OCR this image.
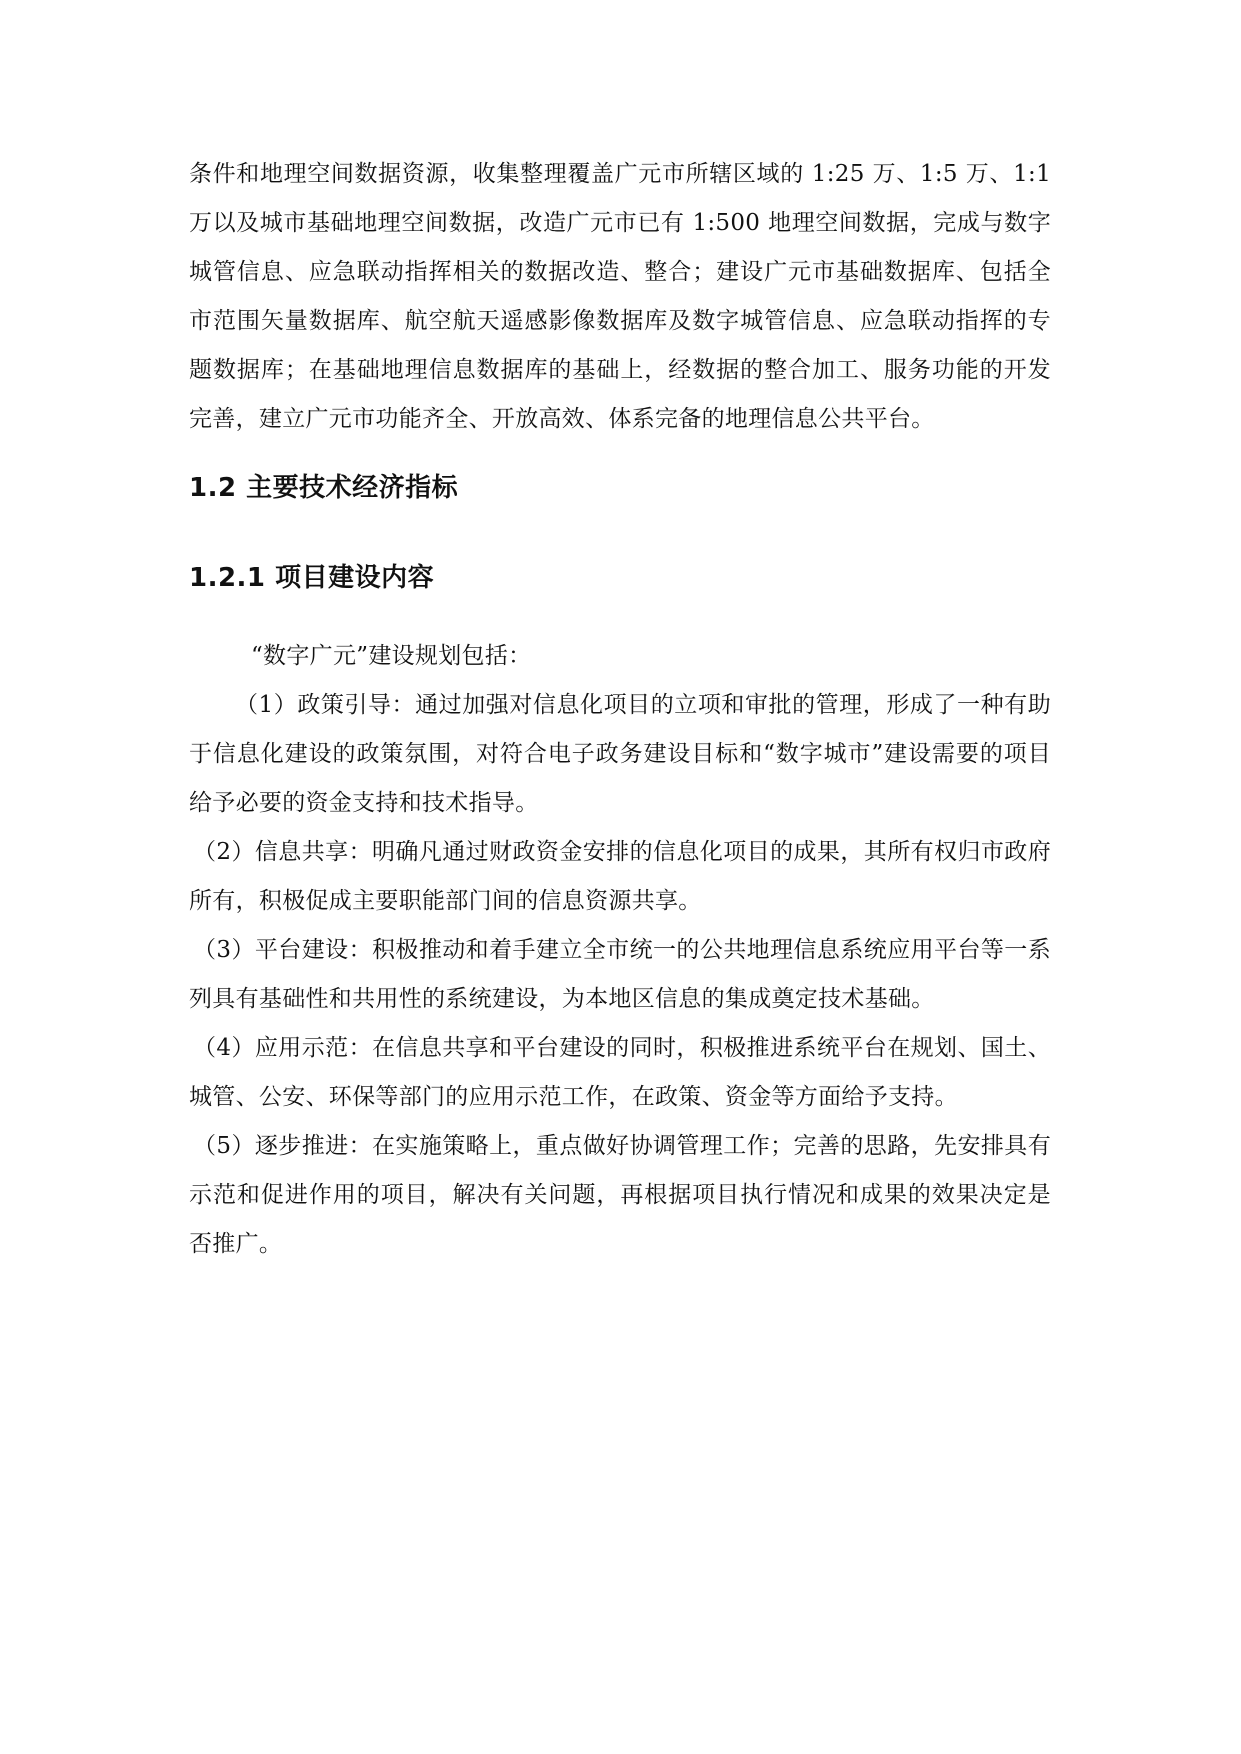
条件和地理空间数据资源，收集整理覆盖广元市所辖区域的 1:25 万、1:5 万、1:1 万以及城市基础地理空间数据，改造广元市已有 1:500 地理空间数据，完成与数字城管信息、应急联动指挥相关的数据改造、整合；建设广元市基础数据库、包括全市范围矢量数据库、航空航天遥感影像数据库及数字城管信息、应急联动指挥的专题数据库；在基础地理信息数据库的基础上，经数据的整合加工、服务功能的开发完善，建立广元市功能齐全、开放高效、体系完备的地理信息公共平台。

1.2 主要技术经济指标
1.2.1 项目建设内容

“数字广元”建设规划包括：

（1）政策引导：通过加强对信息化项目的立项和审批的管理，形成了一种有助于信息化建设的政策氛围，对符合电子政务建设目标和“数字城市”建设需要的项目给予必要的资金支持和技术指导。

（2）信息共享：明确凡通过财政资金安排的信息化项目的成果，其所有权归市政府所有，积极促成主要职能部门间的信息资源共享。

（3）平台建设：积极推动和着手建立全市统一的公共地理信息系统应用平台等一系列具有基础性和共用性的系统建设，为本地区信息的集成奠定技术基础。

（4）应用示范：在信息共享和平台建设的同时，积极推进系统平台在规划、国土、城管、公安、环保等部门的应用示范工作，在政策、资金等方面给予支持。

（5）逐步推进：在实施策略上，重点做好协调管理工作；完善的思路，先安排具有示范和促进作用的项目，解决有关问题，再根据项目执行情况和成果的效果决定是否推广。
